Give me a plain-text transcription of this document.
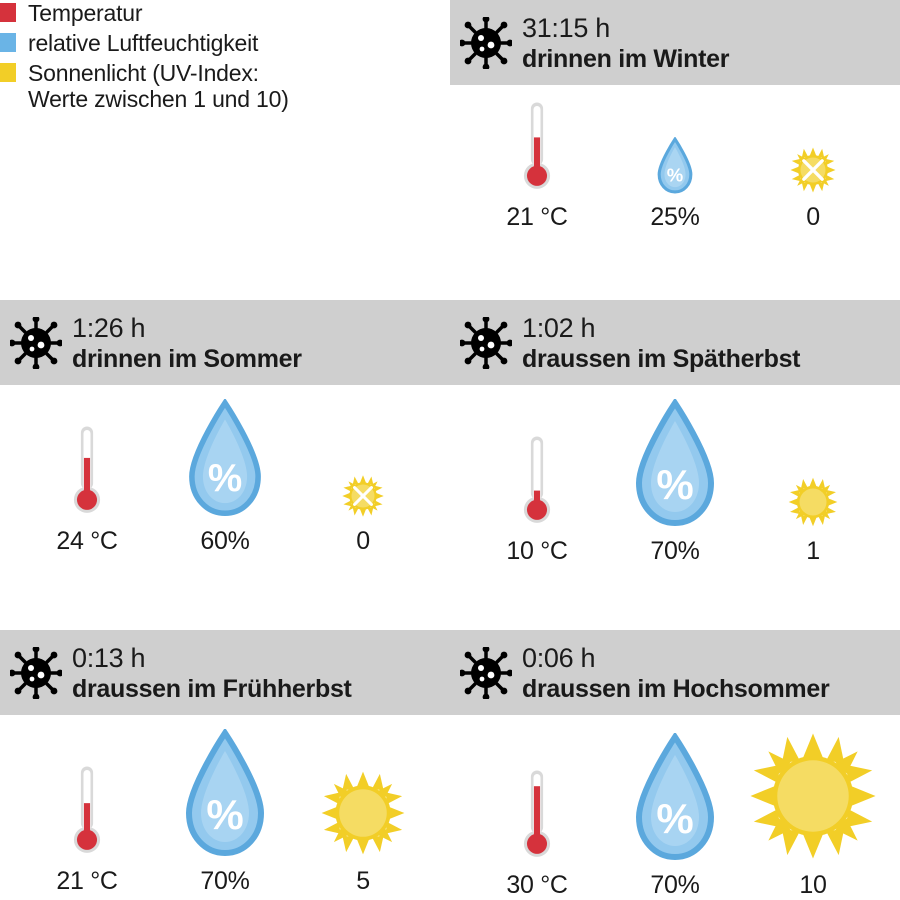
Temperatur
relative Luftfeuchtigkeit
Sonnenlicht (UV-Index:
Werte zwischen 1 und 10)
31:15 h
drinnen im Winter
21 °C
%
25%	0
1:26 h
drinnen im Sommer
24 °C
%
60%	0
1:02 h
draussen im Spätherbst
10 °C
%
70%	1
0:13 h
draussen im Frühherbst
21 °C
%
70%	5
0:06 h
draussen im Hochsommer
30 °C
%
70%	10
